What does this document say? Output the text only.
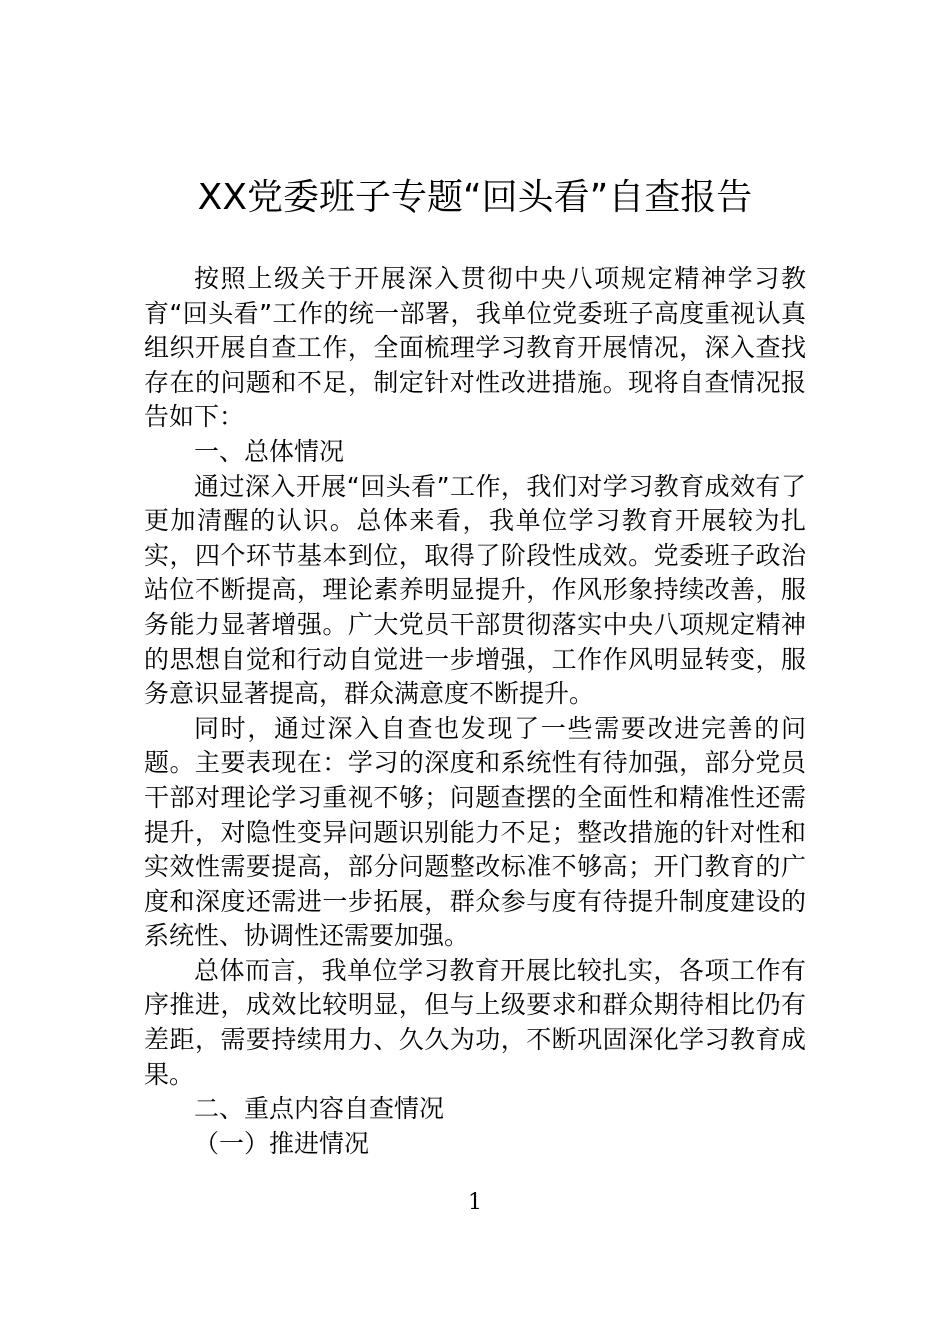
XX党委班子专题“回头看”自查报告

按照上级关于开展深入贯彻中央八项规定精神学习教育“回头看”工作的统一部署，我单位党委班子高度重视认真组织开展自查工作，全面梳理学习教育开展情况，深入查找存在的问题和不足，制定针对性改进措施。现将自查情况报告如下：

一、总体情况

通过深入开展“回头看”工作，我们对学习教育成效有了更加清醒的认识。总体来看，我单位学习教育开展较为扎实，四个环节基本到位，取得了阶段性成效。党委班子政治站位不断提高，理论素养明显提升，作风形象持续改善，服务能力显著增强。广大党员干部贯彻落实中央八项规定精神的思想自觉和行动自觉进一步增强，工作作风明显转变，服务意识显著提高，群众满意度不断提升。

同时，通过深入自查也发现了一些需要改进完善的问题。主要表现在：学习的深度和系统性有待加强，部分党员干部对理论学习重视不够；问题查摆的全面性和精准性还需提升，对隐性变异问题识别能力不足；整改措施的针对性和实效性需要提高，部分问题整改标准不够高；开门教育的广度和深度还需进一步拓展，群众参与度有待提升制度建设的系统性、协调性还需要加强。

总体而言，我单位学习教育开展比较扎实，各项工作有序推进，成效比较明显，但与上级要求和群众期待相比仍有差距，需要持续用力、久久为功，不断巩固深化学习教育成果。

二、重点内容自查情况

（一）推进情况

1
